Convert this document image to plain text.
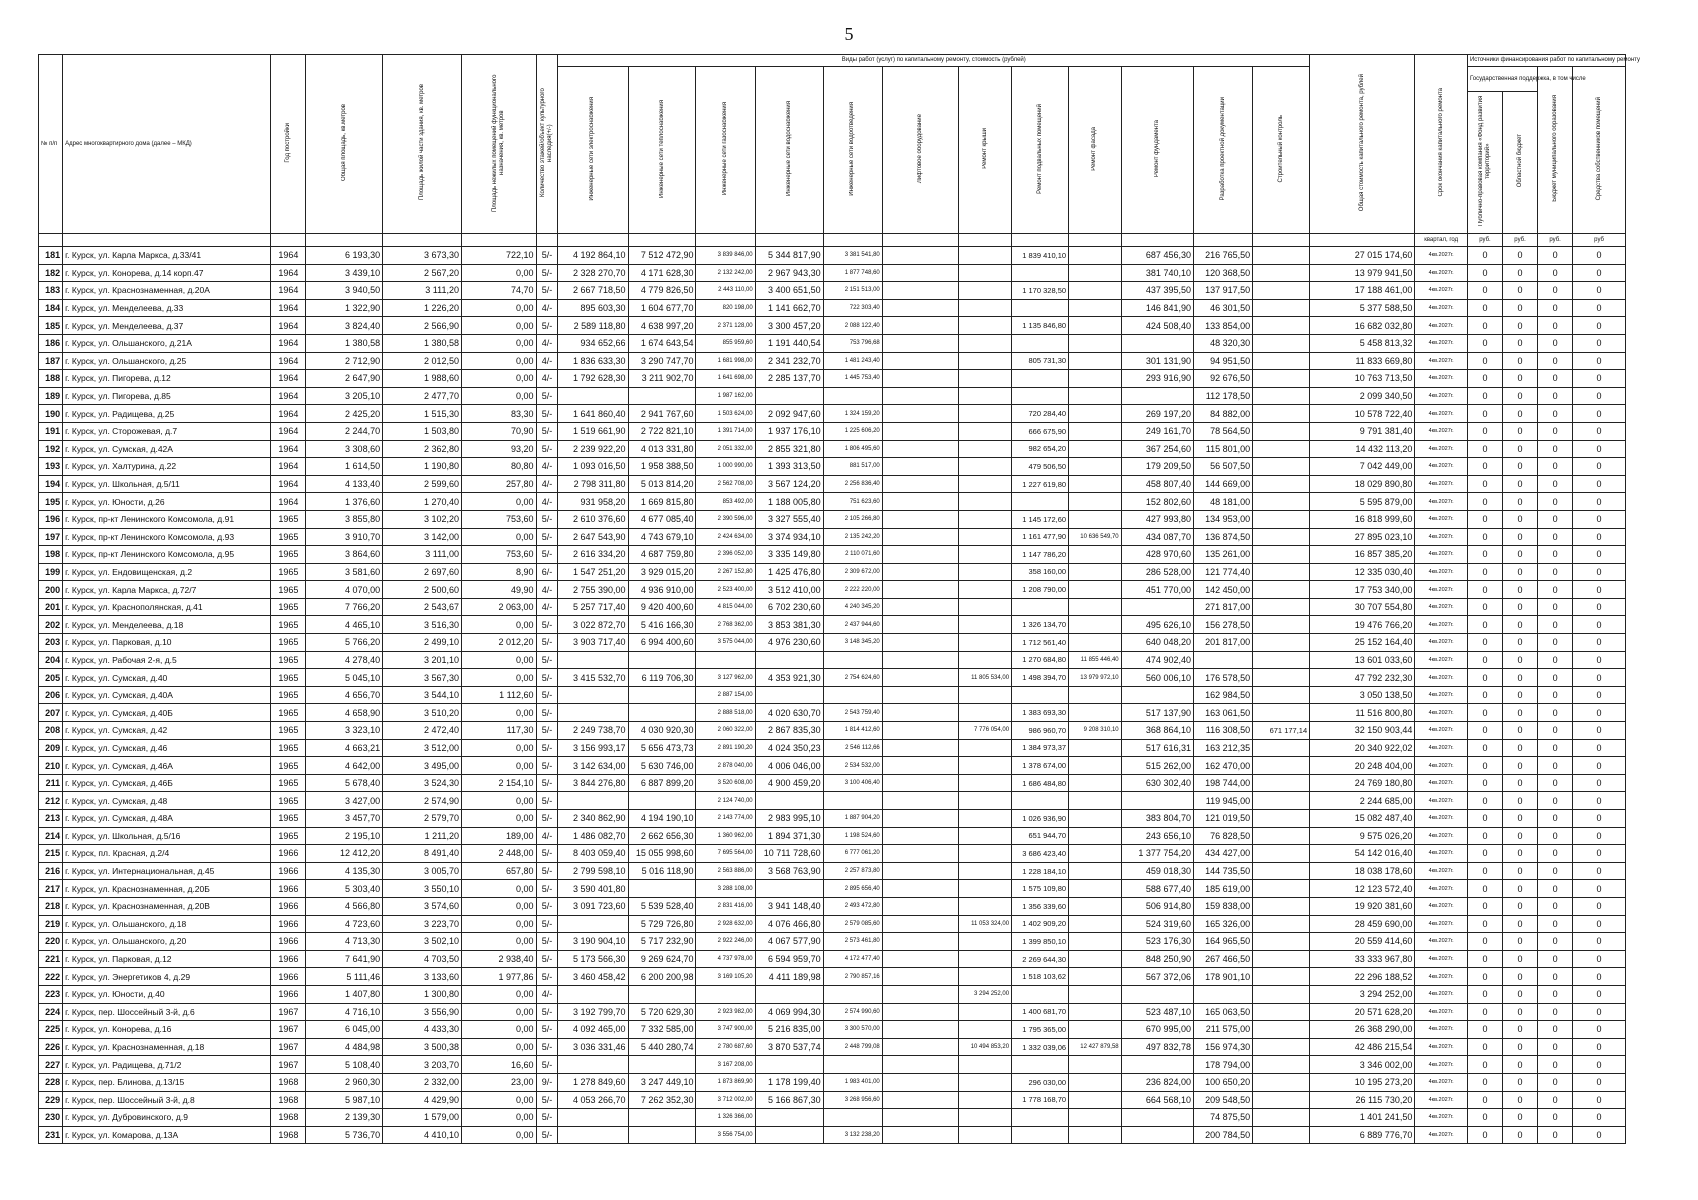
5
№ п/п	Адрес многоквартирного дома (далее – МКД)	Год постройки	Общая площадь, кв.метров	Площадь жилой части здания, кв. метров	Площадь нежилых помещений функционального назначения, кв. метров	Количество этажей/объект культурного наследия(+/-)	Виды работ (услуг) по капитальному ремонту, стоимость (рублей)												Общая стоимость капитального ремонта, рублей	Срок окончания капитального ремонта	Источники финансирования работ по капитальному ремонту			
							Инженерные сети электроснабжения	Инженерные сети теплоснабжения	Инженерные сети газоснабжения	Инженерные сети водоснабжения	Инженерные сети водоотведения	Лифтовое оборудование	Ремонт крыши	Ремонт подвальных помещений	Ремонт фасада	Ремонт фундамента	Разработка проектной документации	Строительный контроль			Государственная поддержка, в том числе		Бюджет муниципального образования	Средства собственников помещений
																					Публично-правовая компания «Фонд развития территорий»	Областной бюджет		
																				квартал, год	руб.	руб.	руб.	руб
181	г. Курск, ул. Карла Маркса, д.33/41	1964	6 193,30	3 673,30	722,10	5/-	4 192 864,10	7 512 472,90	3 839 846,00	5 344 817,90	3 381 541,80			1 839 410,10		687 456,30	216 765,50		27 015 174,60	4кв.2027г.	0	0	0	0
182	г. Курск, ул. Конорева, д.14 корп.47	1964	3 439,10	2 567,20	0,00	5/-	2 328 270,70	4 171 628,30	2 132 242,00	2 967 943,30	1 877 748,60					381 740,10	120 368,50		13 979 941,50	4кв.2027г.	0	0	0	0
183	г. Курск, ул. Краснознаменная, д.20А	1964	3 940,50	3 111,20	74,70	5/-	2 667 718,50	4 779 826,50	2 443 110,00	3 400 651,50	2 151 513,00			1 170 328,50		437 395,50	137 917,50		17 188 461,00	4кв.2027г.	0	0	0	0
184	г. Курск, ул. Менделеева, д.33	1964	1 322,90	1 226,20	0,00	4/-	895 603,30	1 604 677,70	820 198,00	1 141 662,70	722 303,40					146 841,90	46 301,50		5 377 588,50	4кв.2027г.	0	0	0	0
185	г. Курск, ул. Менделеева, д.37	1964	3 824,40	2 566,90	0,00	5/-	2 589 118,80	4 638 997,20	2 371 128,00	3 300 457,20	2 088 122,40			1 135 846,80		424 508,40	133 854,00		16 682 032,80	4кв.2027г.	0	0	0	0
186	г. Курск, ул. Ольшанского, д.21А	1964	1 380,58	1 380,58	0,00	4/-	934 652,66	1 674 643,54	855 959,60	1 191 440,54	753 796,68						48 320,30		5 458 813,32	4кв.2027г.	0	0	0	0
187	г. Курск, ул. Ольшанского, д.25	1964	2 712,90	2 012,50	0,00	4/-	1 836 633,30	3 290 747,70	1 681 998,00	2 341 232,70	1 481 243,40			805 731,30		301 131,90	94 951,50		11 833 669,80	4кв.2027г.	0	0	0	0
188	г. Курск, ул. Пигорева, д.12	1964	2 647,90	1 988,60	0,00	4/-	1 792 628,30	3 211 902,70	1 641 698,00	2 285 137,70	1 445 753,40					293 916,90	92 676,50		10 763 713,50	4кв.2027г.	0	0	0	0
189	г. Курск, ул. Пигорева, д.85	1964	3 205,10	2 477,70	0,00	5/-			1 987 162,00								112 178,50		2 099 340,50	4кв.2027г.	0	0	0	0
190	г. Курск, ул. Радищева, д.25	1964	2 425,20	1 515,30	83,30	5/-	1 641 860,40	2 941 767,60	1 503 624,00	2 092 947,60	1 324 159,20			720 284,40		269 197,20	84 882,00		10 578 722,40	4кв.2027г.	0	0	0	0
191	г. Курск, ул. Сторожевая, д.7	1964	2 244,70	1 503,80	70,90	5/-	1 519 661,90	2 722 821,10	1 391 714,00	1 937 176,10	1 225 606,20			666 675,90		249 161,70	78 564,50		9 791 381,40	4кв.2027г.	0	0	0	0
192	г. Курск, ул. Сумская, д.42А	1964	3 308,60	2 362,80	93,20	5/-	2 239 922,20	4 013 331,80	2 051 332,00	2 855 321,80	1 806 495,60			982 654,20		367 254,60	115 801,00		14 432 113,20	4кв.2027г.	0	0	0	0
193	г. Курск, ул. Халтурина, д.22	1964	1 614,50	1 190,80	80,80	4/-	1 093 016,50	1 958 388,50	1 000 990,00	1 393 313,50	881 517,00			479 506,50		179 209,50	56 507,50		7 042 449,00	4кв.2027г.	0	0	0	0
194	г. Курск, ул. Школьная, д.5/11	1964	4 133,40	2 599,60	257,80	4/-	2 798 311,80	5 013 814,20	2 562 708,00	3 567 124,20	2 256 836,40			1 227 619,80		458 807,40	144 669,00		18 029 890,80	4кв.2027г.	0	0	0	0
195	г. Курск, ул. Юности, д.26	1964	1 376,60	1 270,40	0,00	4/-	931 958,20	1 669 815,80	853 492,00	1 188 005,80	751 623,60					152 802,60	48 181,00		5 595 879,00	4кв.2027г.	0	0	0	0
196	г. Курск, пр-кт Ленинского Комсомола, д.91	1965	3 855,80	3 102,20	753,60	5/-	2 610 376,60	4 677 085,40	2 390 596,00	3 327 555,40	2 105 266,80			1 145 172,60		427 993,80	134 953,00		16 818 999,60	4кв.2027г.	0	0	0	0
197	г. Курск, пр-кт Ленинского Комсомола, д.93	1965	3 910,70	3 142,00	0,00	5/-	2 647 543,90	4 743 679,10	2 424 634,00	3 374 934,10	2 135 242,20			1 161 477,90	10 636 549,70	434 087,70	136 874,50		27 895 023,10	4кв.2027г.	0	0	0	0
198	г. Курск, пр-кт Ленинского Комсомола, д.95	1965	3 864,60	3 111,00	753,60	5/-	2 616 334,20	4 687 759,80	2 396 052,00	3 335 149,80	2 110 071,60			1 147 786,20		428 970,60	135 261,00		16 857 385,20	4кв.2027г.	0	0	0	0
199	г. Курск, ул. Ендовищенская, д.2	1965	3 581,60	2 697,60	8,90	6/-	1 547 251,20	3 929 015,20	2 267 152,80	1 425 476,80	2 309 672,00			358 160,00		286 528,00	121 774,40		12 335 030,40	4кв.2027г.	0	0	0	0
200	г. Курск, ул. Карла Маркса, д.72/7	1965	4 070,00	2 500,60	49,90	4/-	2 755 390,00	4 936 910,00	2 523 400,00	3 512 410,00	2 222 220,00			1 208 790,00		451 770,00	142 450,00		17 753 340,00	4кв.2027г.	0	0	0	0
201	г. Курск, ул. Краснополянская, д.41	1965	7 766,20	2 543,67	2 063,00	4/-	5 257 717,40	9 420 400,60	4 815 044,00	6 702 230,60	4 240 345,20						271 817,00		30 707 554,80	4кв.2027г.	0	0	0	0
202	г. Курск, ул. Менделеева, д.18	1965	4 465,10	3 516,30	0,00	5/-	3 022 872,70	5 416 166,30	2 768 362,00	3 853 381,30	2 437 944,60			1 326 134,70		495 626,10	156 278,50		19 476 766,20	4кв.2027г.	0	0	0	0
203	г. Курск, ул. Парковая, д.10	1965	5 766,20	2 499,10	2 012,20	5/-	3 903 717,40	6 994 400,60	3 575 044,00	4 976 230,60	3 148 345,20			1 712 561,40		640 048,20	201 817,00		25 152 164,40	4кв.2027г.	0	0	0	0
204	г. Курск, ул. Рабочая 2-я, д.5	1965	4 278,40	3 201,10	0,00	5/-								1 270 684,80	11 855 446,40	474 902,40			13 601 033,60	4кв.2027г.	0	0	0	0
205	г. Курск, ул. Сумская, д.40	1965	5 045,10	3 567,30	0,00	5/-	3 415 532,70	6 119 706,30	3 127 962,00	4 353 921,30	2 754 624,60		11 805 534,00	1 498 394,70	13 979 972,10	560 006,10	176 578,50		47 792 232,30	4кв.2027г.	0	0	0	0
206	г. Курск, ул. Сумская, д.40А	1965	4 656,70	3 544,10	1 112,60	5/-			2 887 154,00								162 984,50		3 050 138,50	4кв.2027г.	0	0	0	0
207	г. Курск, ул. Сумская, д.40Б	1965	4 658,90	3 510,20	0,00	5/-			2 888 518,00	4 020 630,70	2 543 759,40			1 383 693,30		517 137,90	163 061,50		11 516 800,80	4кв.2027г.	0	0	0	0
208	г. Курск, ул. Сумская, д.42	1965	3 323,10	2 472,40	117,30	5/-	2 249 738,70	4 030 920,30	2 060 322,00	2 867 835,30	1 814 412,60		7 776 054,00	986 960,70	9 208 310,10	368 864,10	116 308,50	671 177,14	32 150 903,44	4кв.2027г.	0	0	0	0
209	г. Курск, ул. Сумская, д.46	1965	4 663,21	3 512,00	0,00	5/-	3 156 993,17	5 656 473,73	2 891 190,20	4 024 350,23	2 546 112,66			1 384 973,37		517 616,31	163 212,35		20 340 922,02	4кв.2027г.	0	0	0	0
210	г. Курск, ул. Сумская, д.46А	1965	4 642,00	3 495,00	0,00	5/-	3 142 634,00	5 630 746,00	2 878 040,00	4 006 046,00	2 534 532,00			1 378 674,00		515 262,00	162 470,00		20 248 404,00	4кв.2027г.	0	0	0	0
211	г. Курск, ул. Сумская, д.46Б	1965	5 678,40	3 524,30	2 154,10	5/-	3 844 276,80	6 887 899,20	3 520 608,00	4 900 459,20	3 100 406,40			1 686 484,80		630 302,40	198 744,00		24 769 180,80	4кв.2027г.	0	0	0	0
212	г. Курск, ул. Сумская, д.48	1965	3 427,00	2 574,90	0,00	5/-			2 124 740,00								119 945,00		2 244 685,00	4кв.2027г.	0	0	0	0
213	г. Курск, ул. Сумская, д.48А	1965	3 457,70	2 579,70	0,00	5/-	2 340 862,90	4 194 190,10	2 143 774,00	2 983 995,10	1 887 904,20			1 026 936,90		383 804,70	121 019,50		15 082 487,40	4кв.2027г.	0	0	0	0
214	г. Курск, ул. Школьная, д.5/16	1965	2 195,10	1 211,20	189,00	4/-	1 486 082,70	2 662 656,30	1 360 962,00	1 894 371,30	1 198 524,60			651 944,70		243 656,10	76 828,50		9 575 026,20	4кв.2027г.	0	0	0	0
215	г. Курск, пл. Красная, д.2/4	1966	12 412,20	8 491,40	2 448,00	5/-	8 403 059,40	15 055 998,60	7 695 564,00	10 711 728,60	6 777 061,20			3 686 423,40		1 377 754,20	434 427,00		54 142 016,40	4кв.2027г.	0	0	0	0
216	г. Курск, ул. Интернациональная, д.45	1966	4 135,30	3 005,70	657,80	5/-	2 799 598,10	5 016 118,90	2 563 886,00	3 568 763,90	2 257 873,80			1 228 184,10		459 018,30	144 735,50		18 038 178,60	4кв.2027г.	0	0	0	0
217	г. Курск, ул. Краснознаменная, д.20Б	1966	5 303,40	3 550,10	0,00	5/-	3 590 401,80		3 288 108,00		2 895 656,40			1 575 109,80		588 677,40	185 619,00		12 123 572,40	4кв.2027г.	0	0	0	0
218	г. Курск, ул. Краснознаменная, д.20В	1966	4 566,80	3 574,60	0,00	5/-	3 091 723,60	5 539 528,40	2 831 416,00	3 941 148,40	2 493 472,80			1 356 339,60		506 914,80	159 838,00		19 920 381,60	4кв.2027г.	0	0	0	0
219	г. Курск, ул. Ольшанского, д.18	1966	4 723,60	3 223,70	0,00	5/-		5 729 726,80	2 928 632,00	4 076 466,80	2 579 085,60		11 053 324,00	1 402 909,20		524 319,60	165 326,00		28 459 690,00	4кв.2027г.	0	0	0	0
220	г. Курск, ул. Ольшанского, д.20	1966	4 713,30	3 502,10	0,00	5/-	3 190 904,10	5 717 232,90	2 922 246,00	4 067 577,90	2 573 461,80			1 399 850,10		523 176,30	164 965,50		20 559 414,60	4кв.2027г.	0	0	0	0
221	г. Курск, ул. Парковая, д.12	1966	7 641,90	4 703,50	2 938,40	5/-	5 173 566,30	9 269 624,70	4 737 978,00	6 594 959,70	4 172 477,40			2 269 644,30		848 250,90	267 466,50		33 333 967,80	4кв.2027г.	0	0	0	0
222	г. Курск, ул. Энергетиков 4, д.29	1966	5 111,46	3 133,60	1 977,86	5/-	3 460 458,42	6 200 200,98	3 169 105,20	4 411 189,98	2 790 857,16			1 518 103,62		567 372,06	178 901,10		22 296 188,52	4кв.2027г.	0	0	0	0
223	г. Курск, ул. Юности, д.40	1966	1 407,80	1 300,80	0,00	4/-							3 294 252,00						3 294 252,00	4кв.2027г.	0	0	0	0
224	г. Курск, пер. Шоссейный 3-й, д.6	1967	4 716,10	3 556,90	0,00	5/-	3 192 799,70	5 720 629,30	2 923 982,00	4 069 994,30	2 574 990,60			1 400 681,70		523 487,10	165 063,50		20 571 628,20	4кв.2027г.	0	0	0	0
225	г. Курск, ул. Конорева, д.16	1967	6 045,00	4 433,30	0,00	5/-	4 092 465,00	7 332 585,00	3 747 900,00	5 216 835,00	3 300 570,00			1 795 365,00		670 995,00	211 575,00		26 368 290,00	4кв.2027г.	0	0	0	0
226	г. Курск, ул. Краснознаменная, д.18	1967	4 484,98	3 500,38	0,00	5/-	3 036 331,46	5 440 280,74	2 780 687,60	3 870 537,74	2 448 799,08		10 494 853,20	1 332 039,06	12 427 879,58	497 832,78	156 974,30		42 486 215,54	4кв.2027г.	0	0	0	0
227	г. Курск, ул. Радищева, д.71/2	1967	5 108,40	3 203,70	16,60	5/-			3 167 208,00								178 794,00		3 346 002,00	4кв.2027г.	0	0	0	0
228	г. Курск, пер. Блинова, д.13/15	1968	2 960,30	2 332,00	23,00	9/-	1 278 849,60	3 247 449,10	1 873 869,90	1 178 199,40	1 983 401,00			296 030,00		236 824,00	100 650,20		10 195 273,20	4кв.2027г.	0	0	0	0
229	г. Курск, пер. Шоссейный 3-й, д.8	1968	5 987,10	4 429,90	0,00	5/-	4 053 266,70	7 262 352,30	3 712 002,00	5 166 867,30	3 268 956,60			1 778 168,70		664 568,10	209 548,50		26 115 730,20	4кв.2027г.	0	0	0	0
230	г. Курск, ул. Дубровинского, д.9	1968	2 139,30	1 579,00	0,00	5/-			1 326 366,00								74 875,50		1 401 241,50	4кв.2027г.	0	0	0	0
231	г. Курск, ул. Комарова, д.13А	1968	5 736,70	4 410,10	0,00	5/-			3 556 754,00		3 132 238,20						200 784,50		6 889 776,70	4кв.2027г.	0	0	0	0
